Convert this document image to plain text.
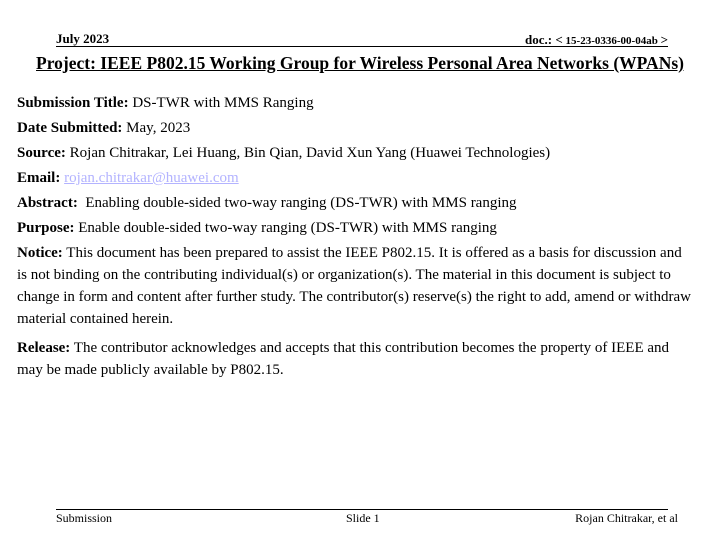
July 2023	doc.: < 15-23-0336-00-04ab >
Project: IEEE P802.15 Working Group for Wireless Personal Area Networks (WPANs)
Submission Title: DS-TWR with MMS Ranging
Date Submitted: May, 2023
Source: Rojan Chitrakar, Lei Huang, Bin Qian, David Xun Yang (Huawei Technologies)
Email: rojan.chitrakar@huawei.com
Abstract:  Enabling double-sided two-way ranging (DS-TWR) with MMS ranging
Purpose: Enable double-sided two-way ranging (DS-TWR) with MMS ranging
Notice: This document has been prepared to assist the IEEE P802.15. It is offered as a basis for discussion and is not binding on the contributing individual(s) or organization(s). The material in this document is subject to change in form and content after further study. The contributor(s) reserve(s) the right to add, amend or withdraw material contained herein.
Release: The contributor acknowledges and accepts that this contribution becomes the property of IEEE and may be made publicly available by P802.15.
Submission	Slide 1	Rojan Chitrakar, et al
